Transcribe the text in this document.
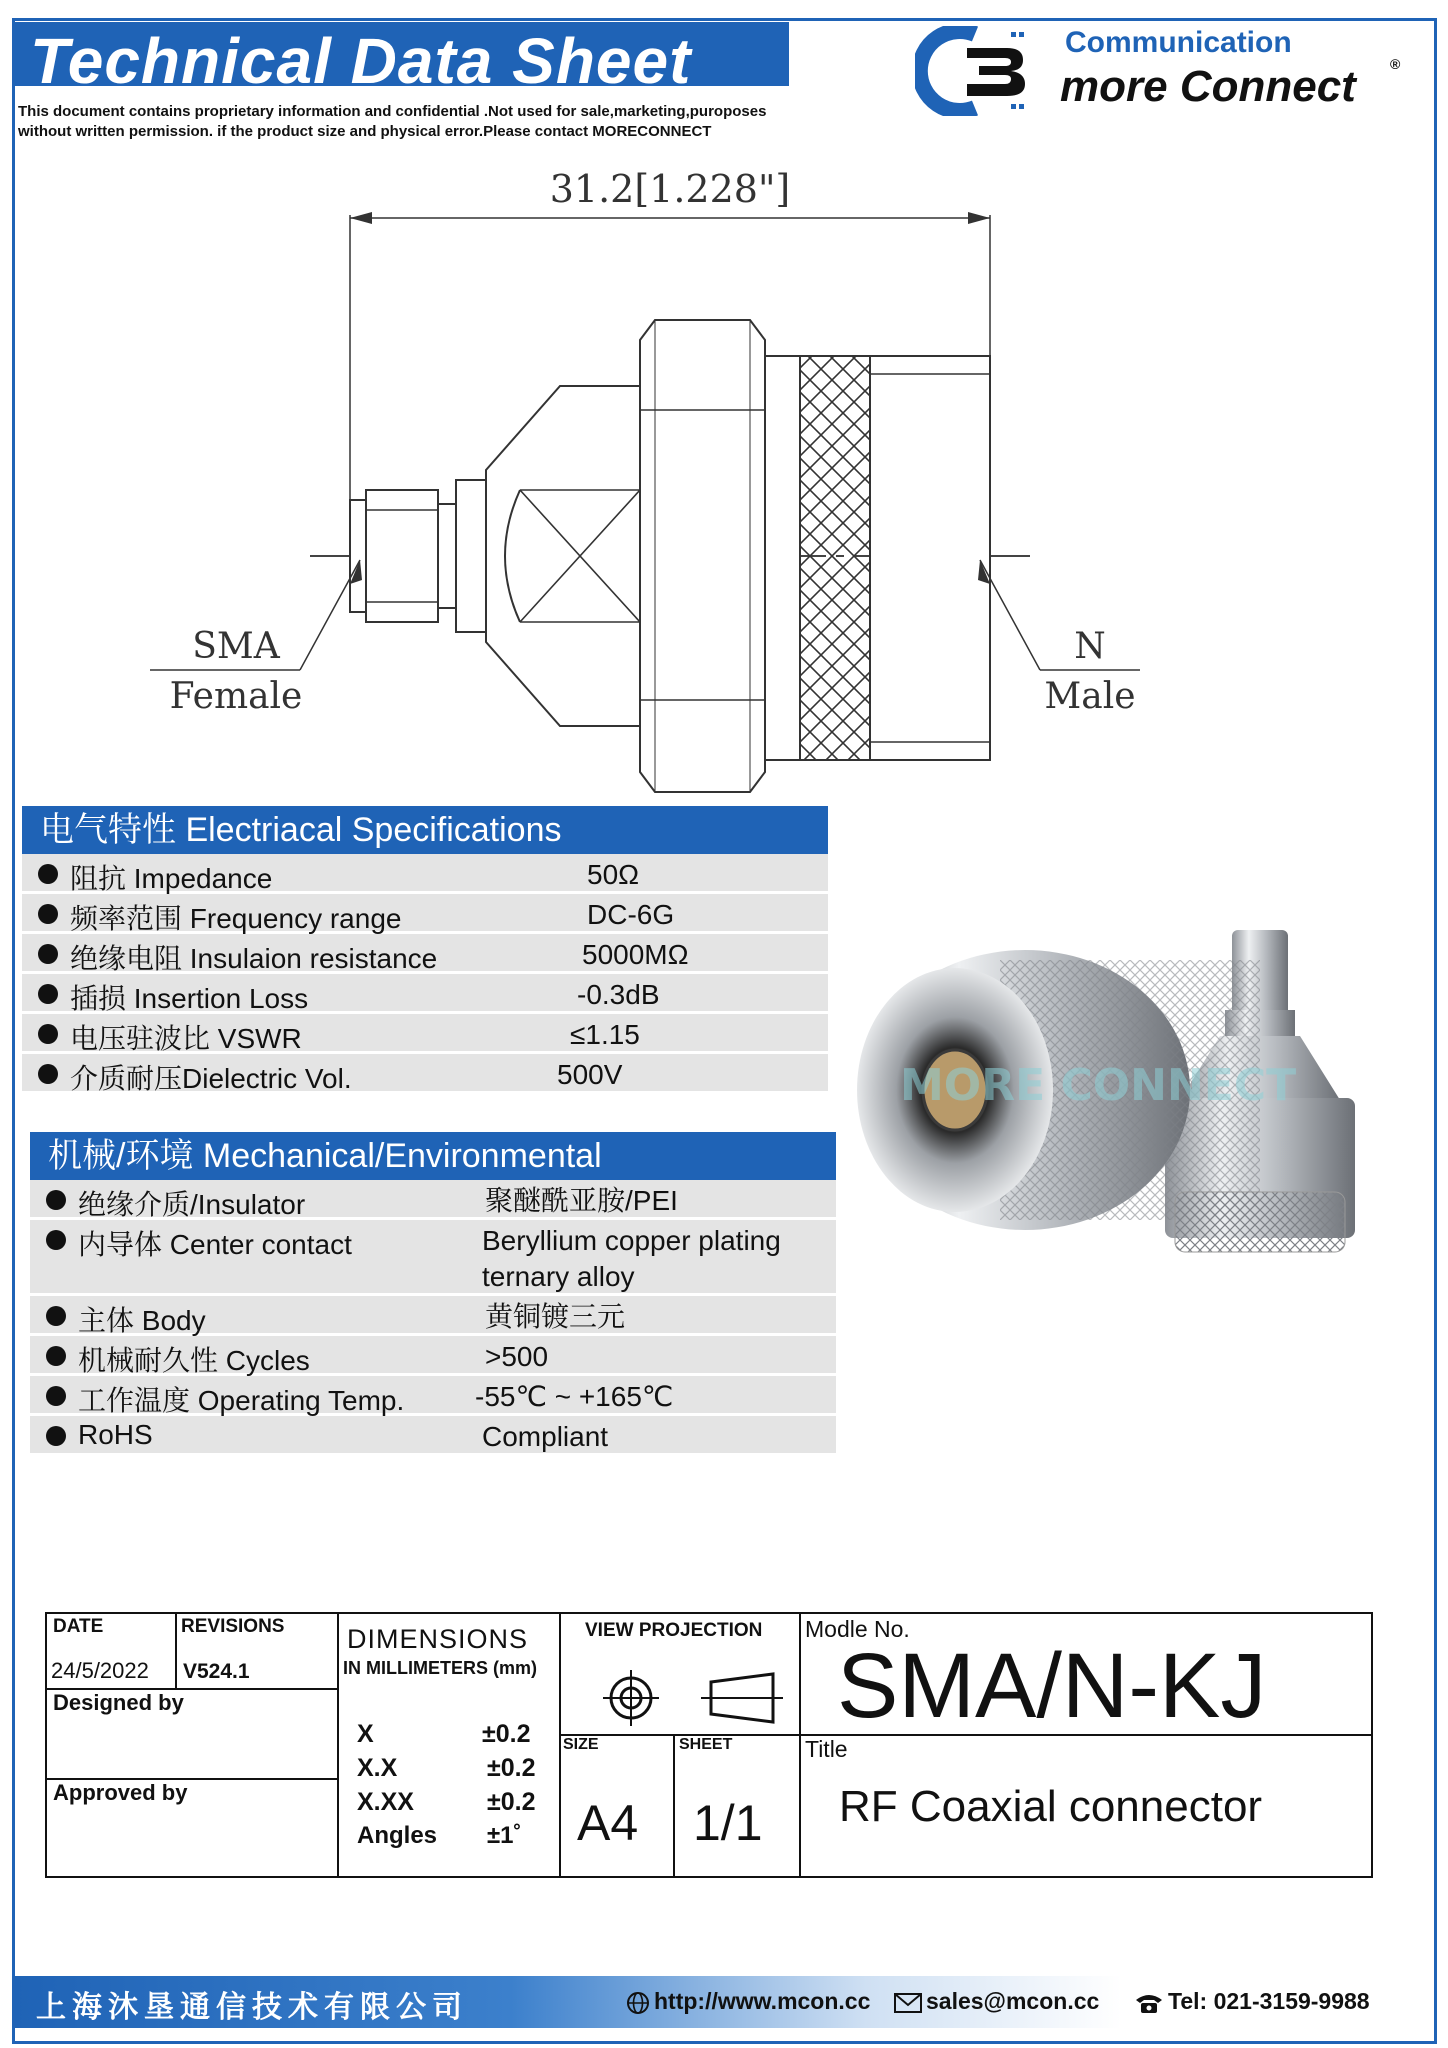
Technical Data Sheet
This document contains proprietary information and confidential .Not used for sale,marketing,puroposes
without written permission. if the product size and physical error.Please contact MORECONNECT
Communication
more Connect ®
31.2[1.228"]
SMA
Female
N
Male
电气特性 Electriacal Specifications
阻抗 Impedance	50Ω
频率范围 Frequency range	DC-6G
绝缘电阻 Insulaion resistance	5000MΩ
插损 Insertion Loss	-0.3dB
电压驻波比 VSWR	≤1.15
介质耐压Dielectric Vol.	500V
机械/环境 Mechanical/Environmental
绝缘介质/Insulator	聚醚酰亚胺/PEI
内导体 Center contact	Beryllium copper plating
ternary alloy
主体 Body	黄铜镀三元
机械耐久性 Cycles	>500
工作温度 Operating Temp.	-55℃ ~ +165℃
RoHS	Compliant
MORE CONNECT
DATE
24/5/2022
REVISIONS
V524.1
Designed by
Approved by
DIMENSIONS
IN MILLIMETERS (mm)
X	±0.2
X.X	±0.2
X.XX	±0.2
Angles ±1˚
VIEW PROJECTION
SIZE
A4
SHEET
1/1
Modle No.
SMA/N-KJ
Title
RF Coaxial connector
上海沐垦通信技术有限公司	http://www.mcon.cc	sales@mcon.cc	Tel: 021-3159-9988
